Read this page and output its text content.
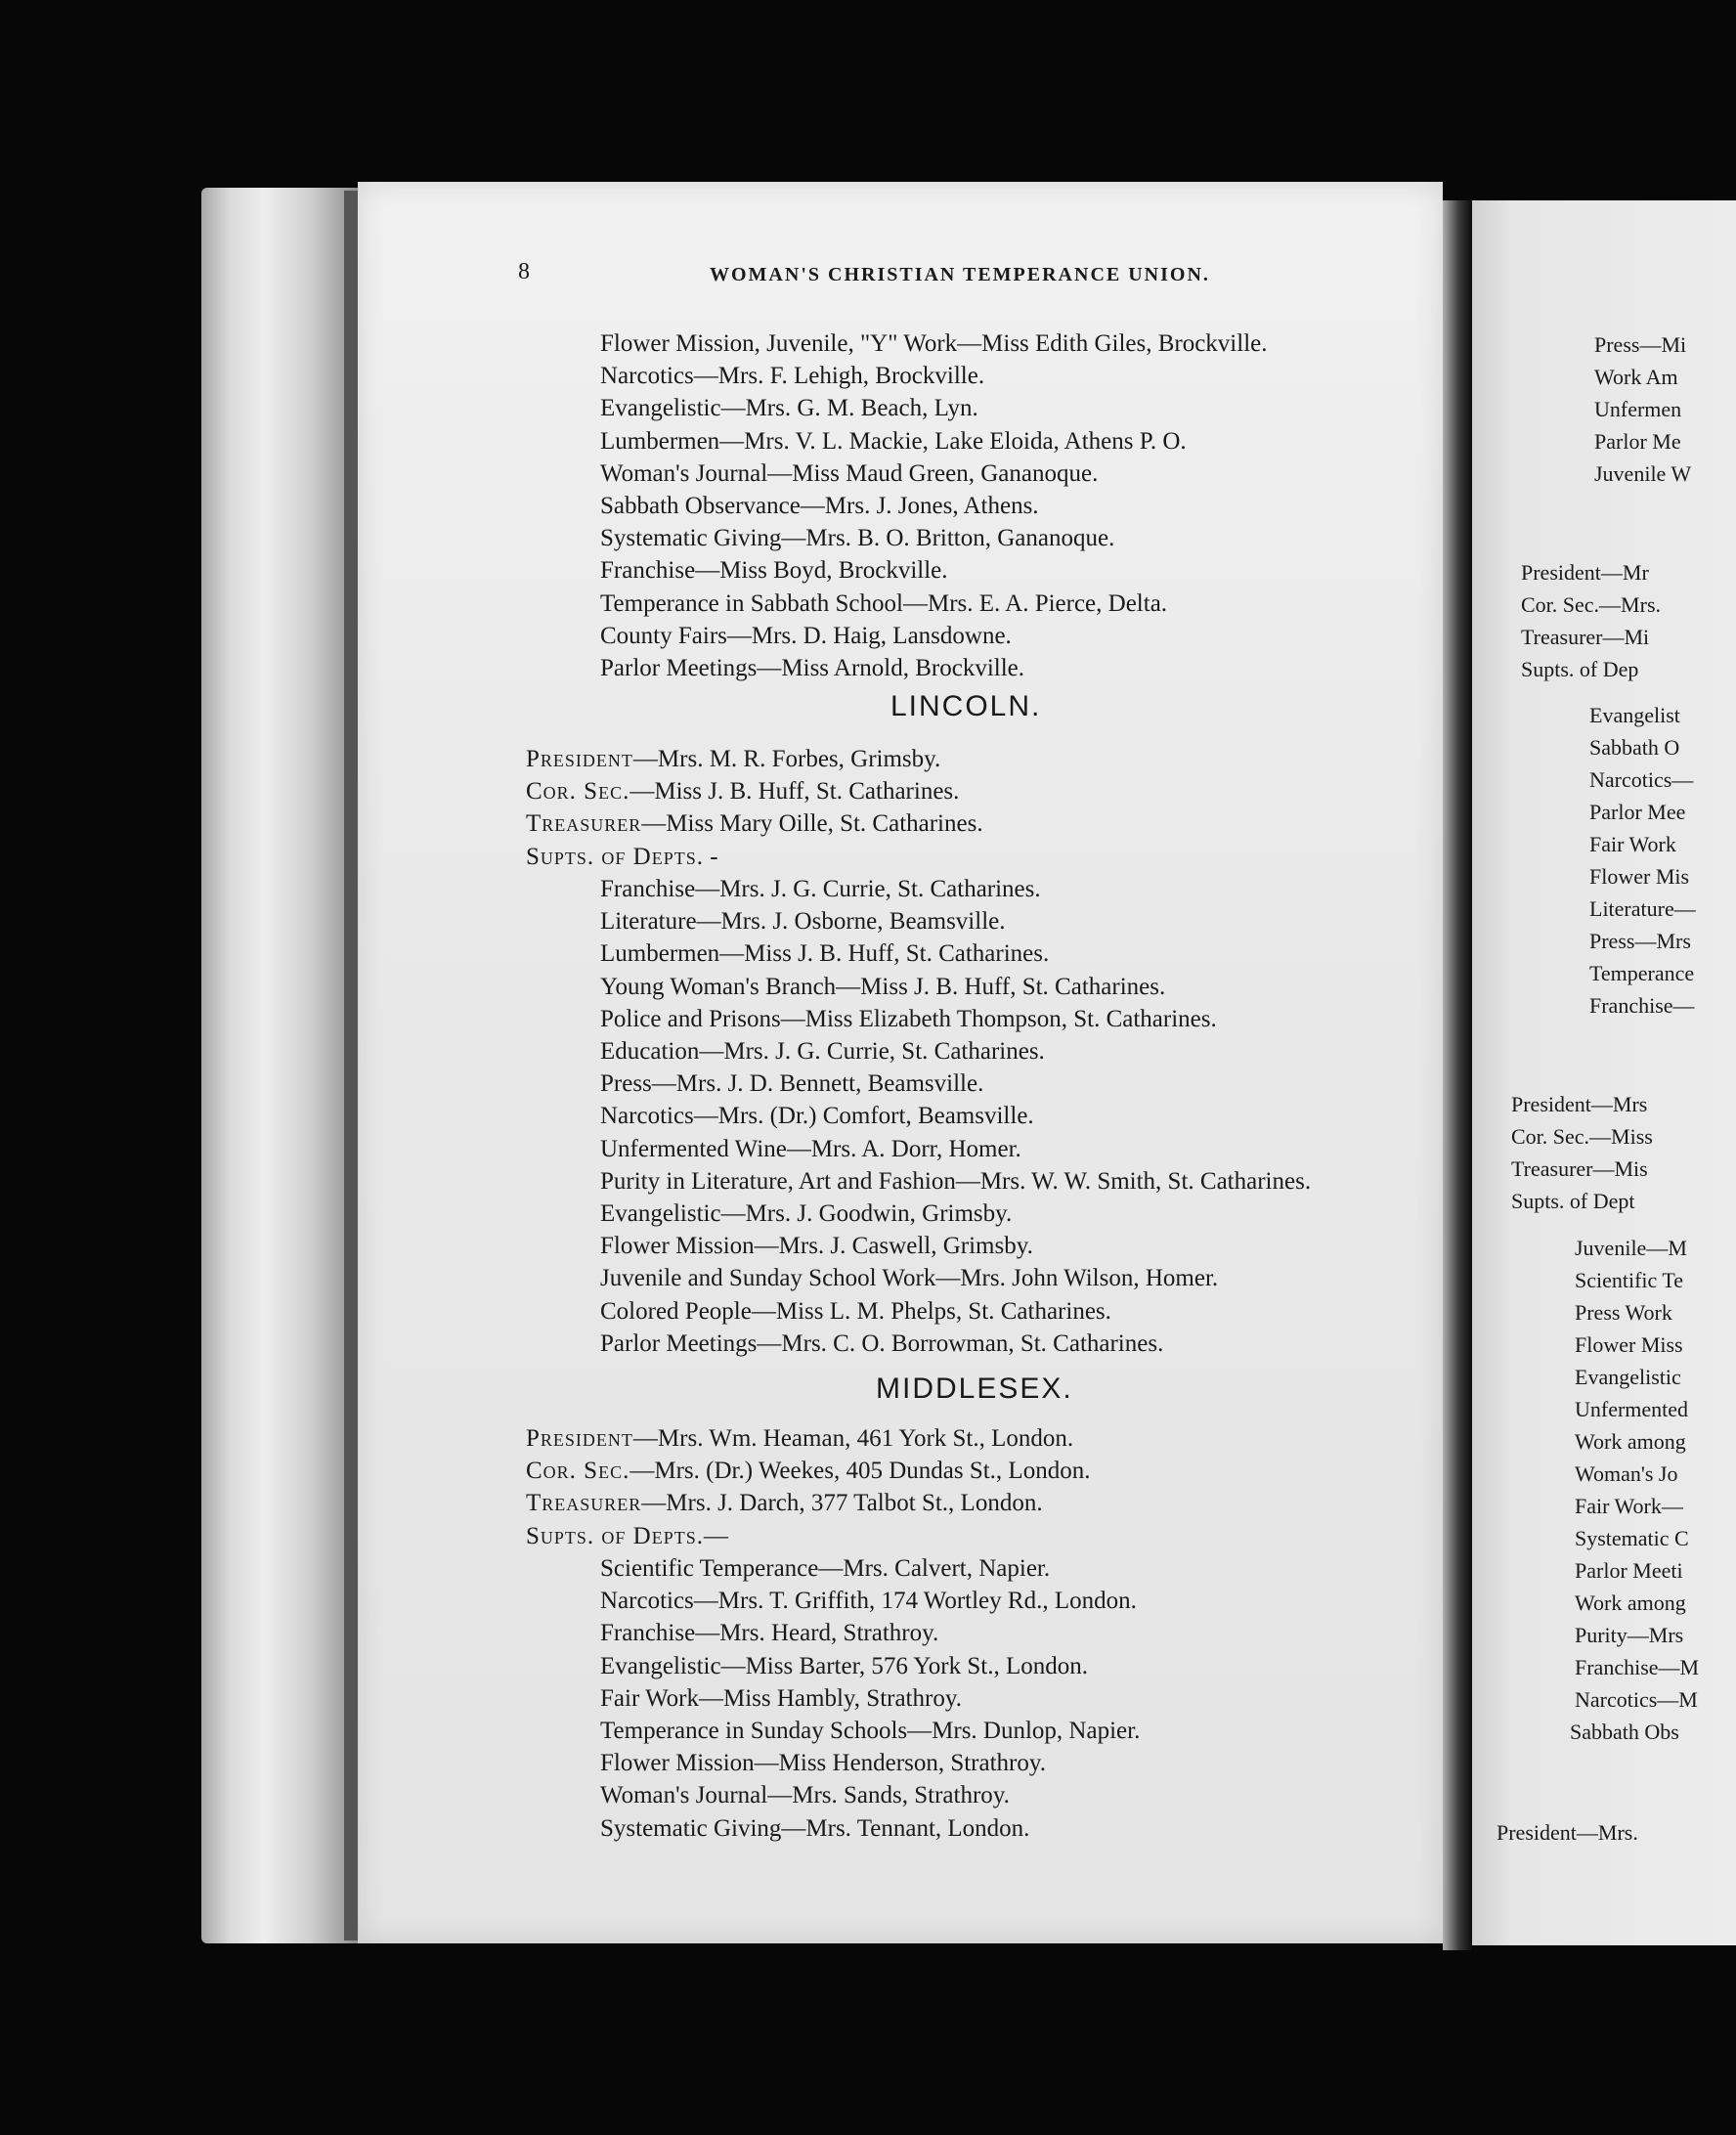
8	WOMAN'S CHRISTIAN TEMPERANCE UNION.
Flower Mission, Juvenile, "Y" Work—Miss Edith Giles, Brockville.
Narcotics—Mrs. F. Lehigh, Brockville.
Evangelistic—Mrs. G. M. Beach, Lyn.
Lumbermen—Mrs. V. L. Mackie, Lake Eloida, Athens P. O.
Woman's Journal—Miss Maud Green, Gananoque.
Sabbath Observance—Mrs. J. Jones, Athens.
Systematic Giving—Mrs. B. O. Britton, Gananoque.
Franchise—Miss Boyd, Brockville.
Temperance in Sabbath School—Mrs. E. A. Pierce, Delta.
County Fairs—Mrs. D. Haig, Lansdowne.
Parlor Meetings—Miss Arnold, Brockville.
LINCOLN.
President—Mrs. M. R. Forbes, Grimsby.
Cor. Sec.—Miss J. B. Huff, St. Catharines.
Treasurer—Miss Mary Oille, St. Catharines.
Supts. of Depts. -
Franchise—Mrs. J. G. Currie, St. Catharines.
Literature—Mrs. J. Osborne, Beamsville.
Lumbermen—Miss J. B. Huff, St. Catharines.
Young Woman's Branch—Miss J. B. Huff, St. Catharines.
Police and Prisons—Miss Elizabeth Thompson, St. Catharines.
Education—Mrs. J. G. Currie, St. Catharines.
Press—Mrs. J. D. Bennett, Beamsville.
Narcotics—Mrs. (Dr.) Comfort, Beamsville.
Unfermented Wine—Mrs. A. Dorr, Homer.
Purity in Literature, Art and Fashion—Mrs. W. W. Smith, St. Catharines.
Evangelistic—Mrs. J. Goodwin, Grimsby.
Flower Mission—Mrs. J. Caswell, Grimsby.
Juvenile and Sunday School Work—Mrs. John Wilson, Homer.
Colored People—Miss L. M. Phelps, St. Catharines.
Parlor Meetings—Mrs. C. O. Borrowman, St. Catharines.
MIDDLESEX.
President—Mrs. Wm. Heaman, 461 York St., London.
Cor. Sec.—Mrs. (Dr.) Weekes, 405 Dundas St., London.
Treasurer—Mrs. J. Darch, 377 Talbot St., London.
Supts. of Depts.—
Scientific Temperance—Mrs. Calvert, Napier.
Narcotics—Mrs. T. Griffith, 174 Wortley Rd., London.
Franchise—Mrs. Heard, Strathroy.
Evangelistic—Miss Barter, 576 York St., London.
Fair Work—Miss Hambly, Strathroy.
Temperance in Sunday Schools—Mrs. Dunlop, Napier.
Flower Mission—Miss Henderson, Strathroy.
Woman's Journal—Mrs. Sands, Strathroy.
Systematic Giving—Mrs. Tennant, London.
Press—Mi
Work Am
Unfermen
Parlor Me
Juvenile W
President—Mr
Cor. Sec.—Mrs.
Treasurer—Mi
Supts. of Dep
Evangelist
Sabbath O
Narcotics—
Parlor Mee
Fair Work
Flower Mis
Literature—
Press—Mrs
Temperance
Franchise—
President—Mrs
Cor. Sec.—Miss
Treasurer—Mis
Supts. of Dept
Juvenile—M
Scientific Te
Press Work
Flower Miss
Evangelistic
Unfermented
Work among
Woman's Jo
Fair Work—
Systematic C
Parlor Meeti
Work among
Purity—Mrs
Franchise—M
Narcotics—M
Sabbath Obs
President—Mrs.
